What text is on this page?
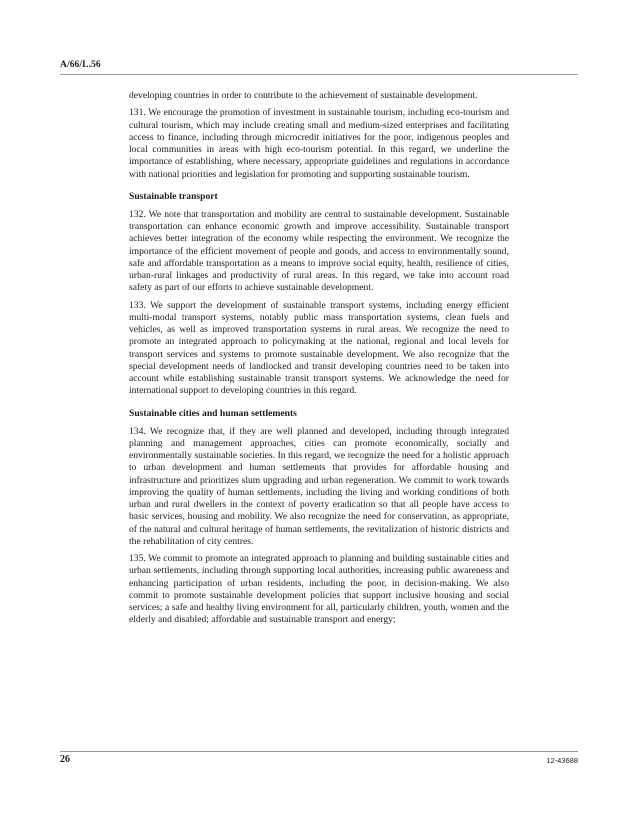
A/66/L.56

developing countries in order to contribute to the achievement of sustainable development.

131. We encourage the promotion of investment in sustainable tourism, including eco-tourism and cultural tourism, which may include creating small and medium-sized enterprises and facilitating access to finance, including through microcredit initiatives for the poor, indigenous peoples and local communities in areas with high eco-tourism potential. In this regard, we underline the importance of establishing, where necessary, appropriate guidelines and regulations in accordance with national priorities and legislation for promoting and supporting sustainable tourism.

Sustainable transport

132. We note that transportation and mobility are central to sustainable development. Sustainable transportation can enhance economic growth and improve accessibility. Sustainable transport achieves better integration of the economy while respecting the environment. We recognize the importance of the efficient movement of people and goods, and access to environmentally sound, safe and affordable transportation as a means to improve social equity, health, resilience of cities, urban-rural linkages and productivity of rural areas. In this regard, we take into account road safety as part of our efforts to achieve sustainable development.

133. We support the development of sustainable transport systems, including energy efficient multi-modal transport systems, notably public mass transportation systems, clean fuels and vehicles, as well as improved transportation systems in rural areas. We recognize the need to promote an integrated approach to policymaking at the national, regional and local levels for transport services and systems to promote sustainable development. We also recognize that the special development needs of landlocked and transit developing countries need to be taken into account while establishing sustainable transit transport systems. We acknowledge the need for international support to developing countries in this regard.

Sustainable cities and human settlements

134. We recognize that, if they are well planned and developed, including through integrated planning and management approaches, cities can promote economically, socially and environmentally sustainable societies. In this regard, we recognize the need for a holistic approach to urban development and human settlements that provides for affordable housing and infrastructure and prioritizes slum upgrading and urban regeneration. We commit to work towards improving the quality of human settlements, including the living and working conditions of both urban and rural dwellers in the context of poverty eradication so that all people have access to basic services, housing and mobility. We also recognize the need for conservation, as appropriate, of the natural and cultural heritage of human settlements, the revitalization of historic districts and the rehabilitation of city centres.

135. We commit to promote an integrated approach to planning and building sustainable cities and urban settlements, including through supporting local authorities, increasing public awareness and enhancing participation of urban residents, including the poor, in decision-making. We also commit to promote sustainable development policies that support inclusive housing and social services; a safe and healthy living environment for all, particularly children, youth, women and the elderly and disabled; affordable and sustainable transport and energy;

26	12-43688
